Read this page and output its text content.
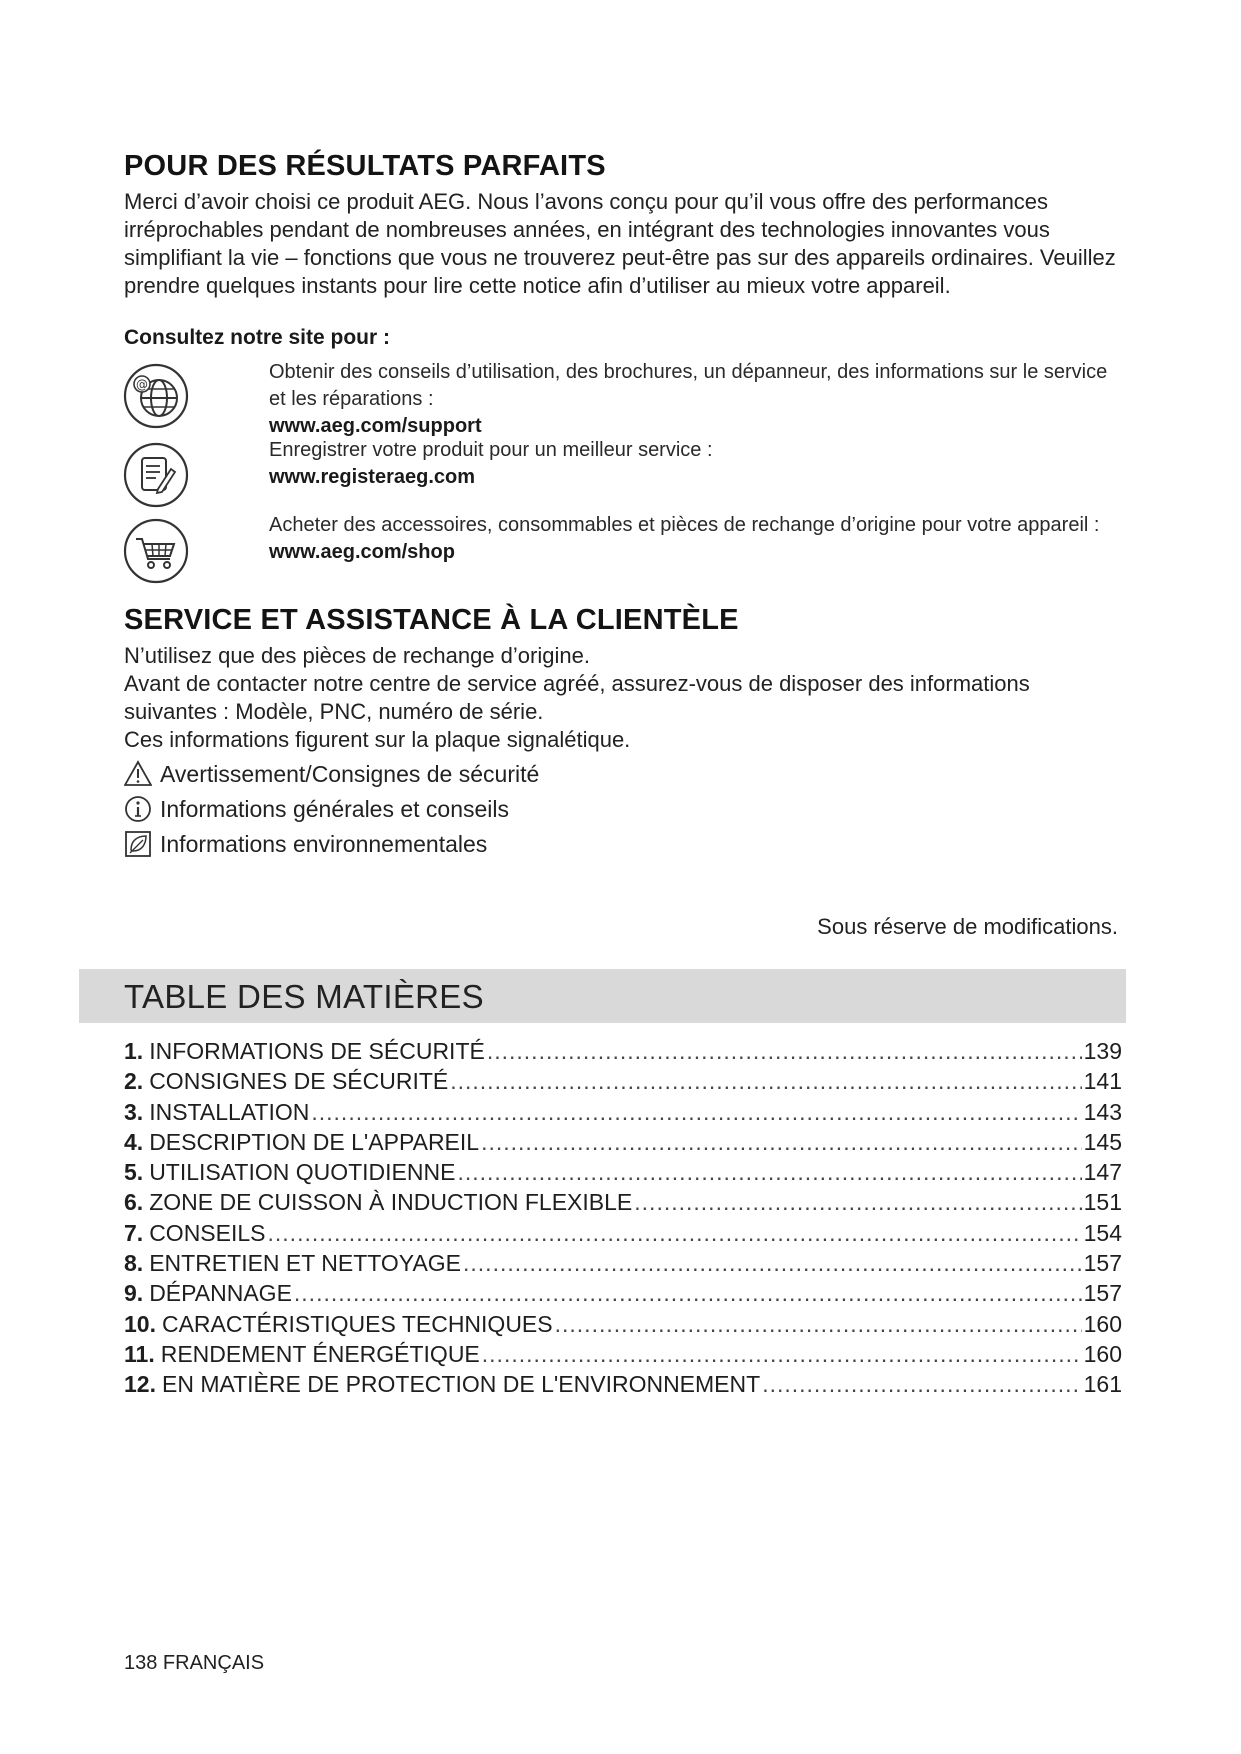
POUR DES RÉSULTATS PARFAITS

Merci d’avoir choisi ce produit AEG. Nous l’avons conçu pour qu’il vous offre des performances irréprochables pendant de nombreuses années, en intégrant des technologies innovantes vous simplifiant la vie – fonctions que vous ne trouverez peut-être pas sur des appareils ordinaires. Veuillez prendre quelques instants pour lire cette notice afin d’utiliser au mieux votre appareil.

Consultez notre site pour :

@
Obtenir des conseils d’utilisation, des brochures, un dépanneur, des informations sur le service et les réparations :
www.aeg.com/support
Enregistrer votre produit pour un meilleur service :
www.registeraeg.com
Acheter des accessoires, consommables et pièces de rechange d’origine pour votre appareil :
www.aeg.com/shop
SERVICE ET ASSISTANCE À LA CLIENTÈLE

N’utilisez que des pièces de rechange d’origine.

Avant de contacter notre centre de service agréé, assurez-vous de disposer des informations suivantes : Modèle, PNC, numéro de série.

Ces informations figurent sur la plaque signalétique.

Avertissement/Consignes de sécurité
Informations générales et conseils
Informations environnementales
Sous réserve de modifications.
TABLE DES MATIÈRES
1. INFORMATIONS DE SÉCURITÉ .....	139
2. CONSIGNES DE SÉCURITÉ .....	141
3. INSTALLATION .....	143
4. DESCRIPTION DE L'APPAREIL .....	145
5. UTILISATION QUOTIDIENNE .....	147
6. ZONE DE CUISSON À INDUCTION FLEXIBLE .....	151
7. CONSEILS .....	154
8. ENTRETIEN ET NETTOYAGE .....	157
9. DÉPANNAGE .....	157
10. CARACTÉRISTIQUES TECHNIQUES .....	160
11. RENDEMENT ÉNERGÉTIQUE .....	160
12. EN MATIÈRE DE PROTECTION DE L'ENVIRONNEMENT .....	161
138 FRANÇAIS
